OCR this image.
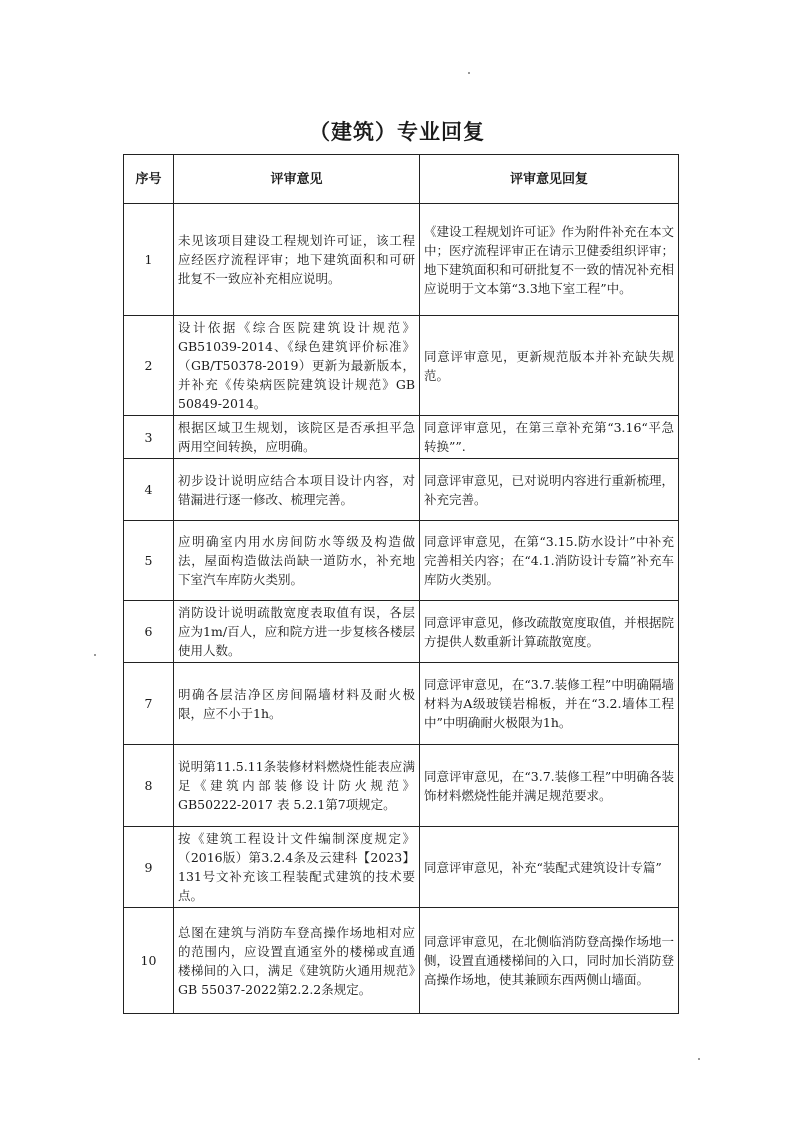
（建筑）专业回复
序号	评审意见	评审意见回复
1	未见该项目建设工程规划许可证，该工程应经医疗流程评审；地下建筑面积和可研批复不一致应补充相应说明。	《建设工程规划许可证》作为附件补充在本文中；医疗流程评审正在请示卫健委组织评审；地下建筑面积和可研批复不一致的情况补充相应说明于文本第“3.3地下室工程”中。
2	设计依据《综合医院建筑设计规范》GB51039-2014、《绿色建筑评价标准》（GB/T50378-2019）更新为最新版本，并补充《传染病医院建筑设计规范》GB 50849-2014。	同意评审意见，更新规范版本并补充缺失规范。
3	根据区域卫生规划，该院区是否承担平急两用空间转换，应明确。	同意评审意见，在第三章补充第“3.16“平急转换””.
4	初步设计说明应结合本项目设计内容，对错漏进行逐一修改、梳理完善。	同意评审意见，已对说明内容进行重新梳理，补充完善。
5	应明确室内用水房间防水等级及构造做法，屋面构造做法尚缺一道防水，补充地下室汽车库防火类别。	同意评审意见，在第“3.15.防水设计”中补充完善相关内容；在“4.1.消防设计专篇”补充车库防火类别。
6	消防设计说明疏散宽度表取值有误，各层应为1m/百人，应和院方进一步复核各楼层使用人数。	同意评审意见，修改疏散宽度取值，并根据院方提供人数重新计算疏散宽度。
7	明确各层洁净区房间隔墙材料及耐火极限，应不小于1h。	同意评审意见，在“3.7.装修工程”中明确隔墙材料为A级玻镁岩棉板，并在“3.2.墙体工程中”中明确耐火极限为1h。
8	说明第11.5.11条装修材料燃烧性能表应满足《建筑内部装修设计防火规范》GB50222-2017 表 5.2.1第7项规定。	同意评审意见，在“3.7.装修工程”中明确各装饰材料燃烧性能并满足规范要求。
9	按《建筑工程设计文件编制深度规定》（2016版）第3.2.4条及云建科【2023】131号文补充该工程装配式建筑的技术要点。	同意评审意见，补充“装配式建筑设计专篇”
10	总图在建筑与消防车登高操作场地相对应的范围内，应设置直通室外的楼梯或直通楼梯间的入口，满足《建筑防火通用规范》GB 55037-2022第2.2.2条规定。	同意评审意见，在北侧临消防登高操作场地一侧，设置直通楼梯间的入口，同时加长消防登高操作场地，使其兼顾东西两侧山墙面。
